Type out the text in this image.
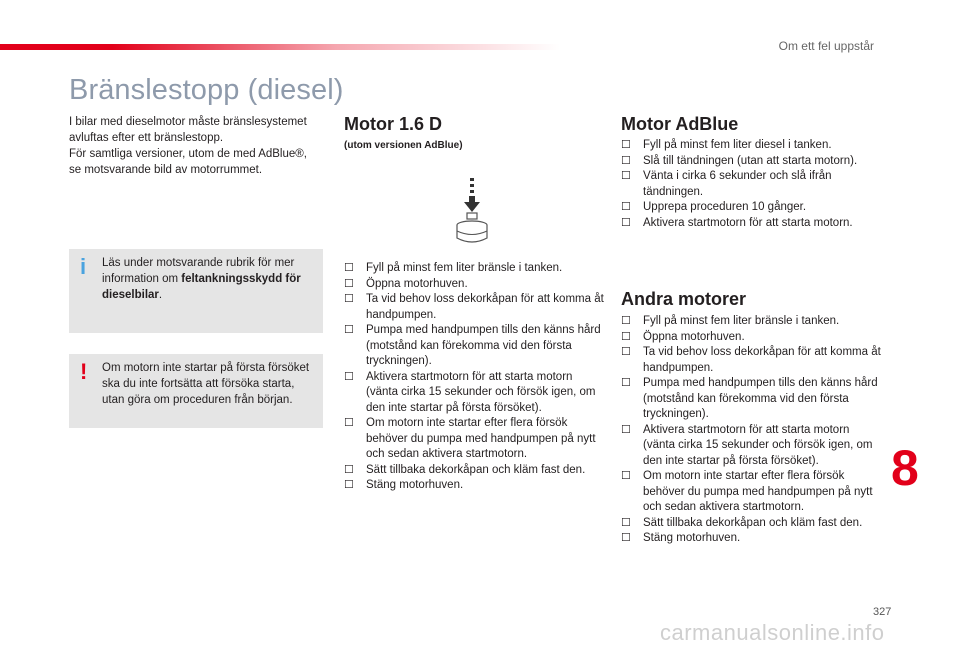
Om ett fel uppstår
Bränslestopp (diesel)
I bilar med dieselmotor måste bränslesystemet
avluftas efter ett bränslestopp.
För samtliga versioner, utom de med AdBlue®,
se motsvarande bild av motorrummet.
i Läs under motsvarande rubrik för mer information om feltankningsskydd för dieselbilar.
! Om motorn inte startar på första försöket ska du inte fortsätta att försöka starta, utan göra om proceduren från början.
Motor 1.6 D
(utom versionen AdBlue)
☐ Fyll på minst fem liter bränsle i tanken.
☐ Öppna motorhuven.
☐ Ta vid behov loss dekorkåpan för att komma åt handpumpen.
☐ Pumpa med handpumpen tills den känns hård (motstånd kan förekomma vid den första tryckningen).
☐ Aktivera startmotorn för att starta motorn (vänta cirka 15 sekunder och försök igen, om den inte startar på första försöket).
☐ Om motorn inte startar efter flera försök behöver du pumpa med handpumpen på nytt och sedan aktivera startmotorn.
☐ Sätt tillbaka dekorkåpan och kläm fast den.
☐ Stäng motorhuven.
Motor AdBlue
☐ Fyll på minst fem liter diesel i tanken.
☐ Slå till tändningen (utan att starta motorn).
☐ Vänta i cirka 6 sekunder och slå ifrån tändningen.
☐ Upprepa proceduren 10 gånger.
☐ Aktivera startmotorn för att starta motorn.
Andra motorer
☐ Fyll på minst fem liter bränsle i tanken.
☐ Öppna motorhuven.
☐ Ta vid behov loss dekorkåpan för att komma åt handpumpen.
☐ Pumpa med handpumpen tills den känns hård (motstånd kan förekomma vid den första tryckningen).
☐ Aktivera startmotorn för att starta motorn (vänta cirka 15 sekunder och försök igen, om den inte startar på första försöket).
☐ Om motorn inte startar efter flera försök behöver du pumpa med handpumpen på nytt och sedan aktivera startmotorn.
☐ Sätt tillbaka dekorkåpan och kläm fast den.
☐ Stäng motorhuven.
8
327
carmanualsonline.info
